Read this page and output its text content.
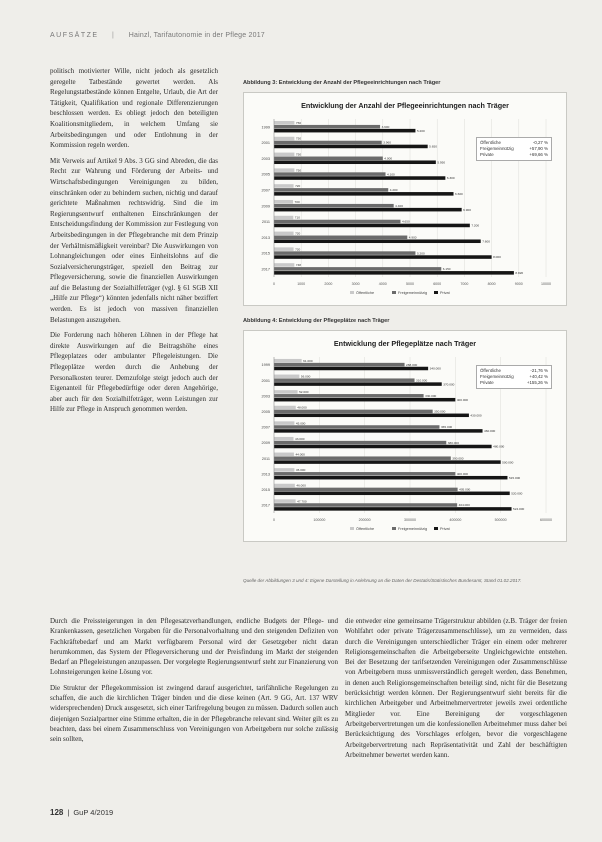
AUFSÄTZE | Hainzl, Tarifautonomie in der Pflege 2017

politisch motivierter Wille, nicht jedoch als gesetzlich geregelte Tatbestände gewertet werden. Als Regelungstatbestände können Entgelte, Urlaub, die Art der Tätigkeit, Qualifikation und regionale Differenzierungen beschlossen werden. Es obliegt jedoch den beteiligten Koalitionsmitgliedern, in welchem Umfang sie Arbeitsbedingungen und oder Entlohnung in der Kommission regeln werden.

Mit Verweis auf Artikel 9 Abs. 3 GG sind Abreden, die das Recht zur Wahrung und Förderung der Arbeits- und Wirtschaftsbedingungen Vereinigungen zu bilden, einschränken oder zu behindern suchen, nichtig und darauf gerichtete Maßnahmen rechtswidrig. Sind die im Regierungsentwurf enthaltenen Einschränkungen der Entscheidungsfindung der Kommission zur Festlegung von Arbeitsbedingungen in der Pflegebranche mit dem Prinzip der Verhältnismäßigkeit vereinbar? Die Auswirkungen von Lohnangleichungen oder eines Einheitslohns auf die Sozialversicherungsträger, speziell den Beitrag zur Pflegeversicherung, sowie die finanziellen Auswirkungen auf die Belastung der Sozialhilfeträger (vgl. § 61 SGB XII „Hilfe zur Pflege“) könnten jedenfalls nicht näher beziffert werden. Es ist jedoch von massiven finanziellen Belastungen auszugehen.

Die Forderung nach höheren Löhnen in der Pflege hat direkte Auswirkungen auf die Beitragshöhe eines Pflegeplatzes oder ambulanter Pflegeleistungen. Die Pflegeplätze werden durch die Anhebung der Personalkosten teurer. Demzufolge steigt jedoch auch der Eigenanteil für Pflegebedürftige oder deren Angehörige, aber auch für den Sozialhilfeträger, wenn Leistungen zur Hilfe zur Pflege in Anspruch genommen werden.

Abbildung 3: Entwicklung der Anzahl der Pflegeeinrichtungen nach Träger
Entwicklung der Anzahl der Pflegeeinrichtungen nach Träger
0	1000	2000	3000	4000	5000	6000	7000	8000	9000	10000
1999
750
3.900
5.200
2001
750
3.960
5.650
2003
750
4.000
5.950
2005
750
4.100
6.300
2007
720
4.200
6.600
2009
700
4.400
6.900
2011
710
4.650
7.200
2013
720
4.900
7.600
2015
720
5.200
8.000
2017
748
6.150
8.820
Öffentliche	Freigemeinnützig	Privat
Öffentliche	-0,27 %
Freigemeinnützig	+57,90 %
Private	+69,66 %
Abbildung 4: Entwicklung der Pflegeplätze nach Träger
Entwicklung der Pflegeplätze nach Träger
0	100000	200000	300000	400000	500000	600000
1999
61.000
288.000
340.000
2001
56.000
310.000
370.000
2003
52.000
330.000
400.000
2005
48.000
350.000
430.000
2007
45.000
365.000
460.000
2009
43.000
380.000
480.000
2011
44.000
390.000
500.000
2013
45.000
400.000
515.000
2015
46.000
405.000
520.000
2017
47.700
404.000
524.000
Öffentliche	Freigemeinnützig	Privat
Öffentliche	-21,76 %
Freigemeinnützig	+40,42 %
Private	+155,26 %
Quelle der Abbildungen 3 und 4: Eigene Darstellung in Anlehnung an die Daten der Destatis/Statistisches Bundesamt, Stand 01.02.2017.

Durch die Preissteigerungen in den Pflegesatzverhandlungen, endliche Budgets der Pflege- und Krankenkassen, gesetzlichen Vorgaben für die Personalvorhaltung und den steigenden Defiziten von Fachkräftebedarf und am Markt verfügbarem Personal wird der Gesetzgeber nicht daran herumkommen, das System der Pflegeversicherung und der Preisfindung im Markt der steigenden Bedarf an Pflegeleistungen anzupassen. Der vorgelegte Regierungsentwurf steht zur Finanzierung von Lohnsteigerungen keine Lösung vor.

Die Struktur der Pflegekommission ist zwingend darauf ausgerichtet, tarifähnliche Regelungen zu schaffen, die auch die kirchlichen Träger binden und die diese keinen (Art. 9 GG, Art. 137 WRV widersprechenden) Druck ausgesetzt, sich einer Tarifregelung beugen zu müssen. Dadurch sollen auch diejenigen Sozialpartner eine Stimme erhalten, die in der Pflegebranche relevant sind. Weiter gilt es zu beachten, dass bei einem Zusammenschluss von Vereinigungen von Arbeitgebern nur solche zulässig sein sollten,

die entweder eine gemeinsame Trägerstruktur abbilden (z.B. Träger der freien Wohlfahrt oder private Trägerzusammenschlüsse), um zu vermeiden, dass durch die Vereinigungen unterschiedlicher Träger ein einem oder mehrerer Religionsgemeinschaften die Arbeitgeberseite Ungleichgewichte entstehen. Bei der Besetzung der tarifsetzenden Vereinigungen oder Zusammenschlüsse von Arbeitgebern muss unmissverständlich geregelt werden, dass Benehmen, in denen auch Religionsgemeinschaften beteiligt sind, nicht für die Besetzung berücksichtigt werden können. Der Regierungsentwurf sieht bereits für die kirchlichen Arbeitgeber und Arbeitnehmervertreter jeweils zwei ordentliche Mitglieder vor. Eine Bereinigung der vorgeschlagenen Arbeitgebervertretungen um die konfessionellen Arbeitnehmer muss daher bei Berücksichtigung des Vorschlages erfolgen, bevor die vorgeschlagene Arbeitgebervertretung nach Repräsentativität und Zahl der beschäftigten Arbeitnehmer bewertet werden kann.

128 | GuP 4/2019
